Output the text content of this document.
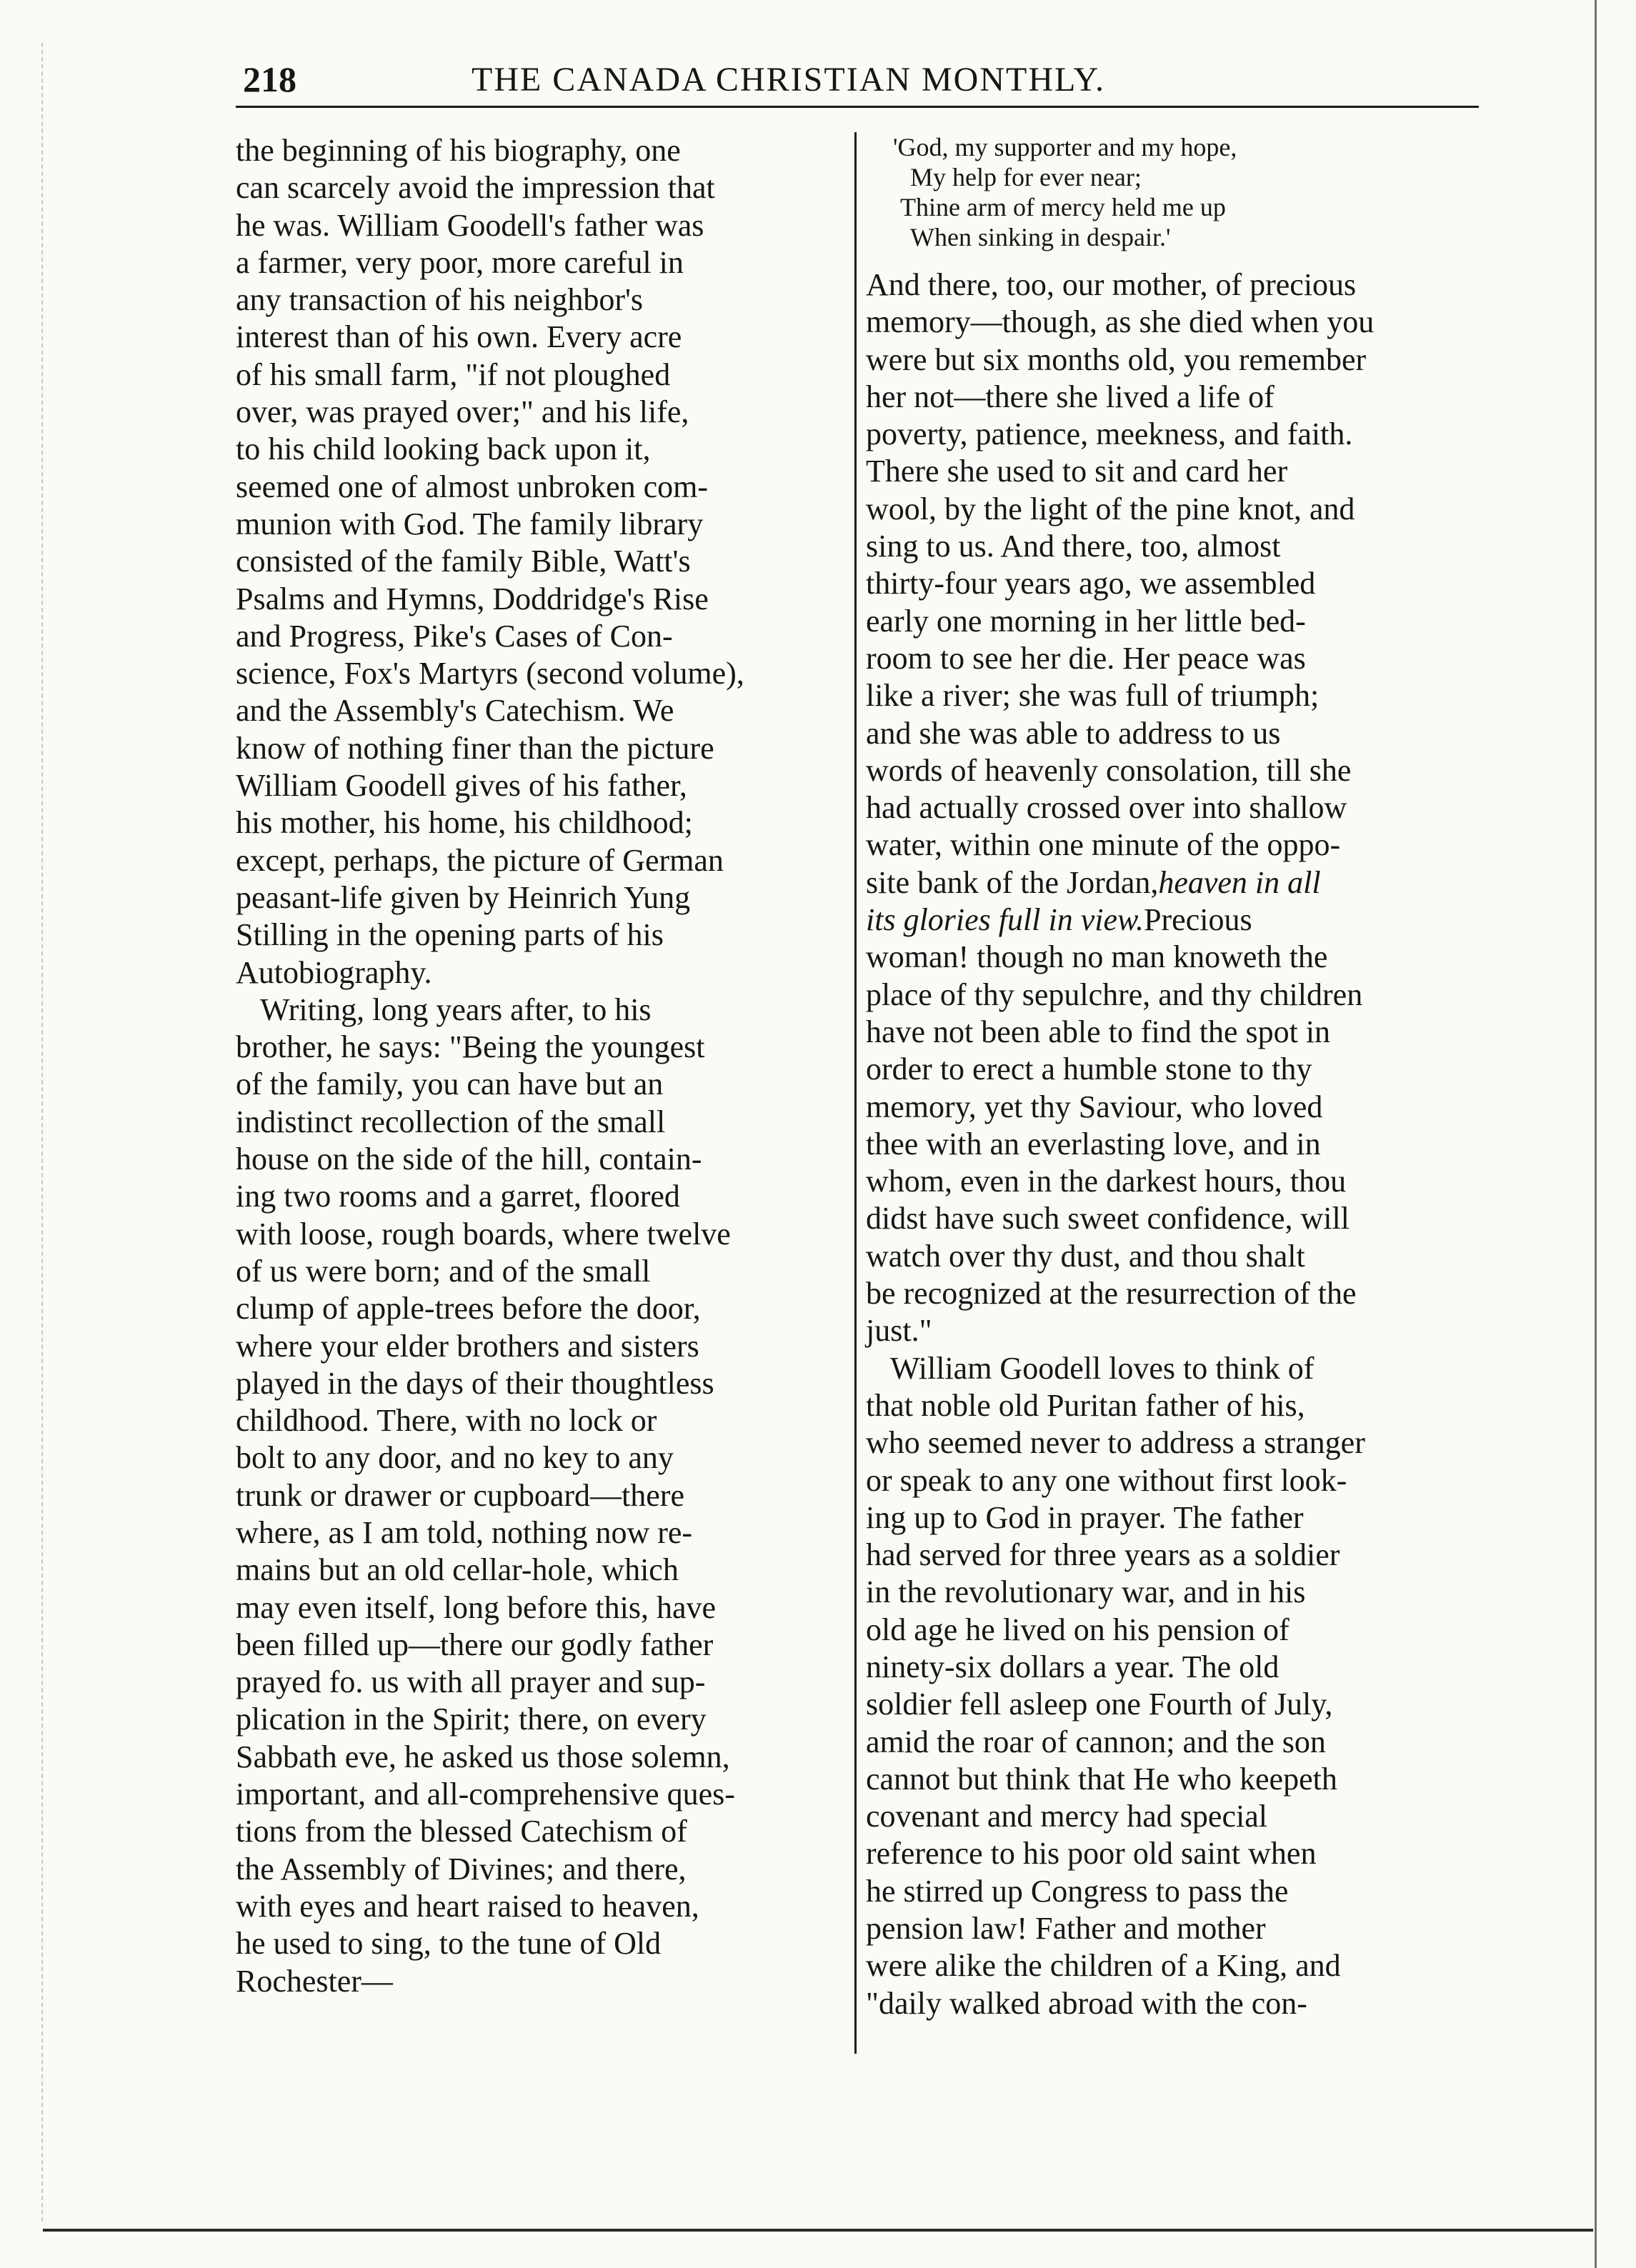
218	THE CANADA CHRISTIAN MONTHLY.
the beginning of his biography, one
can scarcely avoid the impression that
he was. William Goodell's father was
a farmer, very poor, more careful in
any transaction of his neighbor's
interest than of his own. Every acre
of his small farm, "if not ploughed
over, was prayed over;" and his life,
to his child looking back upon it,
seemed one of almost unbroken com-
munion with God. The family library
consisted of the family Bible, Watt's
Psalms and Hymns, Doddridge's Rise
and Progress, Pike's Cases of Con-
science, Fox's Martyrs (second volume),
and the Assembly's Catechism. We
know of nothing finer than the picture
William Goodell gives of his father,
his mother, his home, his childhood;
except, perhaps, the picture of German
peasant-life given by Heinrich Yung
Stilling in the opening parts of his
Autobiography.
Writing, long years after, to his
brother, he says: "Being the youngest
of the family, you can have but an
indistinct recollection of the small
house on the side of the hill, contain-
ing two rooms and a garret, floored
with loose, rough boards, where twelve
of us were born; and of the small
clump of apple-trees before the door,
where your elder brothers and sisters
played in the days of their thoughtless
childhood. There, with no lock or
bolt to any door, and no key to any
trunk or drawer or cupboard—there
where, as I am told, nothing now re-
mains but an old cellar-hole, which
may even itself, long before this, have
been filled up—there our godly father
prayed fo. us with all prayer and sup-
plication in the Spirit; there, on every
Sabbath eve, he asked us those solemn,
important, and all-comprehensive ques-
tions from the blessed Catechism of
the Assembly of Divines; and there,
with eyes and heart raised to heaven,
he used to sing, to the tune of Old
Rochester—
'God, my supporter and my hope,
My help for ever near;
Thine arm of mercy held me up
When sinking in despair.'
And there, too, our mother, of precious
memory—though, as she died when you
were but six months old, you remember
her not—there she lived a life of
poverty, patience, meekness, and faith.
There she used to sit and card her
wool, by the light of the pine knot, and
sing to us. And there, too, almost
thirty-four years ago, we assembled
early one morning in her little bed-
room to see her die. Her peace was
like a river; she was full of triumph;
and she was able to address to us
words of heavenly consolation, till she
had actually crossed over into shallow
water, within one minute of the oppo-
site bank of the Jordan,heaven in all
its glories full in view.Precious
woman! though no man knoweth the
place of thy sepulchre, and thy children
have not been able to find the spot in
order to erect a humble stone to thy
memory, yet thy Saviour, who loved
thee with an everlasting love, and in
whom, even in the darkest hours, thou
didst have such sweet confidence, will
watch over thy dust, and thou shalt
be recognized at the resurrection of the
just."
William Goodell loves to think of
that noble old Puritan father of his,
who seemed never to address a stranger
or speak to any one without first look-
ing up to God in prayer. The father
had served for three years as a soldier
in the revolutionary war, and in his
old age he lived on his pension of
ninety-six dollars a year. The old
soldier fell asleep one Fourth of July,
amid the roar of cannon; and the son
cannot but think that He who keepeth
covenant and mercy had special
reference to his poor old saint when
he stirred up Congress to pass the
pension law! Father and mother
were alike the children of a King, and
"daily walked abroad with the con-
